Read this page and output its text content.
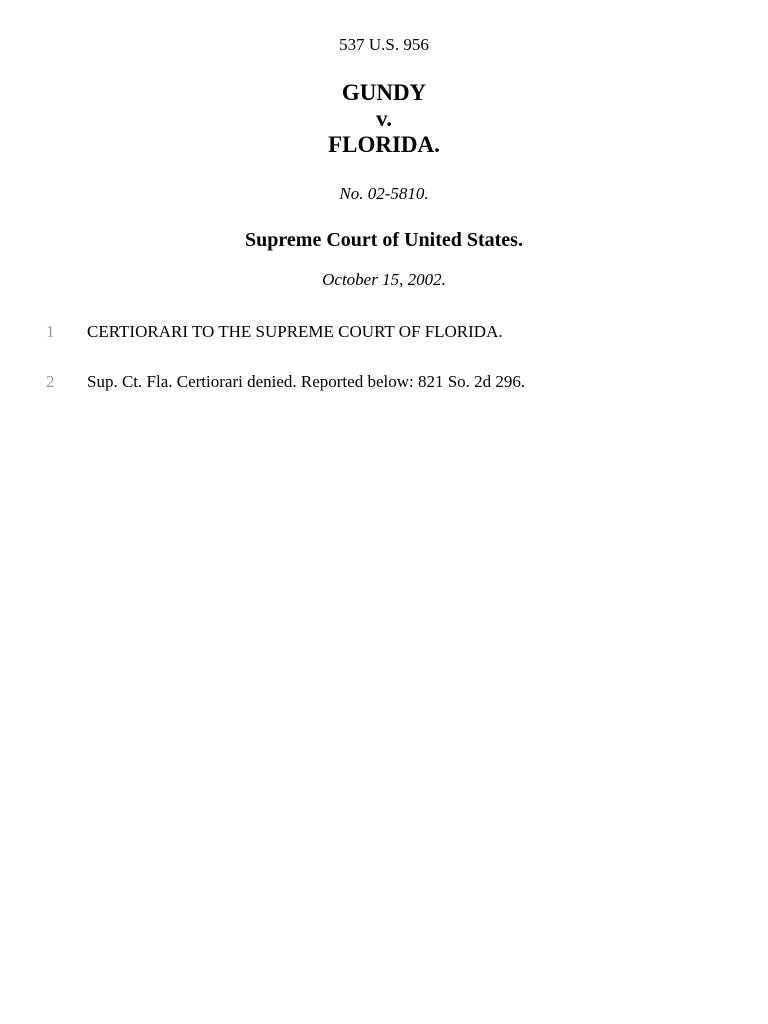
537 U.S. 956
GUNDY
v.
FLORIDA.
No. 02-5810.
Supreme Court of United States.
October 15, 2002.
1 CERTIORARI TO THE SUPREME COURT OF FLORIDA.
2 Sup. Ct. Fla. Certiorari denied. Reported below: 821 So. 2d 296.
